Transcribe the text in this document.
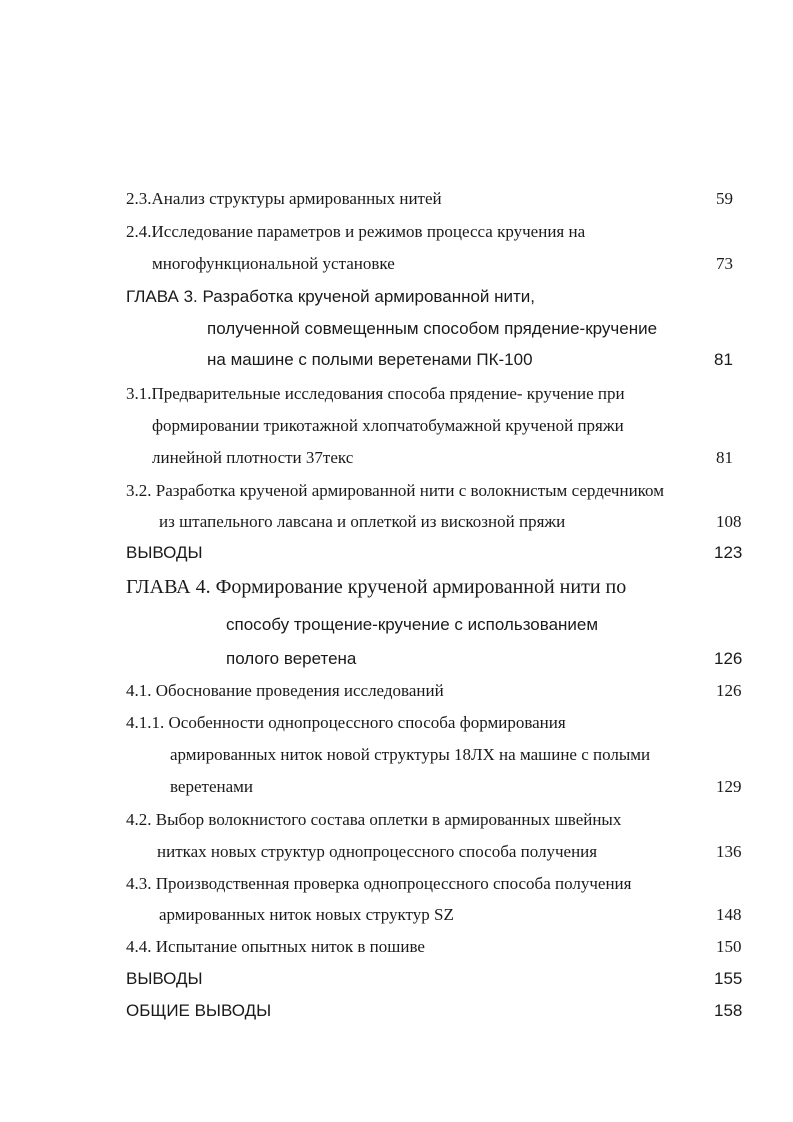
2.3.Анализ структуры армированных нитей	59

2.4.Исследование параметров и режимов процесса кручения на

многофункциональной установке	73

ГЛАВА 3. Разработка крученой армированной нити,

полученной совмещенным способом прядение-кручение

на машине с полыми веретенами ПК-100	81

3.1.Предварительные исследования способа прядение- кручение при

формировании трикотажной хлопчатобумажной крученой пряжи

линейной плотности 37текс	81

3.2. Разработка крученой армированной нити с волокнистым сердечником

из штапельного лавсана и оплеткой из вискозной пряжи	108

ВЫВОДЫ	123

ГЛАВА 4. Формирование крученой армированной нити по

способу трощение-кручение с использованием

полого веретена	126

4.1. Обоснование проведения исследований	126

4.1.1. Особенности однопроцессного способа формирования

армированных ниток новой структуры 18ЛХ на машине с полыми

веретенами	129

4.2. Выбор волокнистого состава оплетки в армированных швейных

нитках новых структур однопроцессного способа получения	136

4.3. Производственная проверка однопроцессного способа получения

армированных ниток новых структур SZ	148

4.4. Испытание опытных ниток в пошиве	150

ВЫВОДЫ	155

ОБЩИЕ ВЫВОДЫ	158
